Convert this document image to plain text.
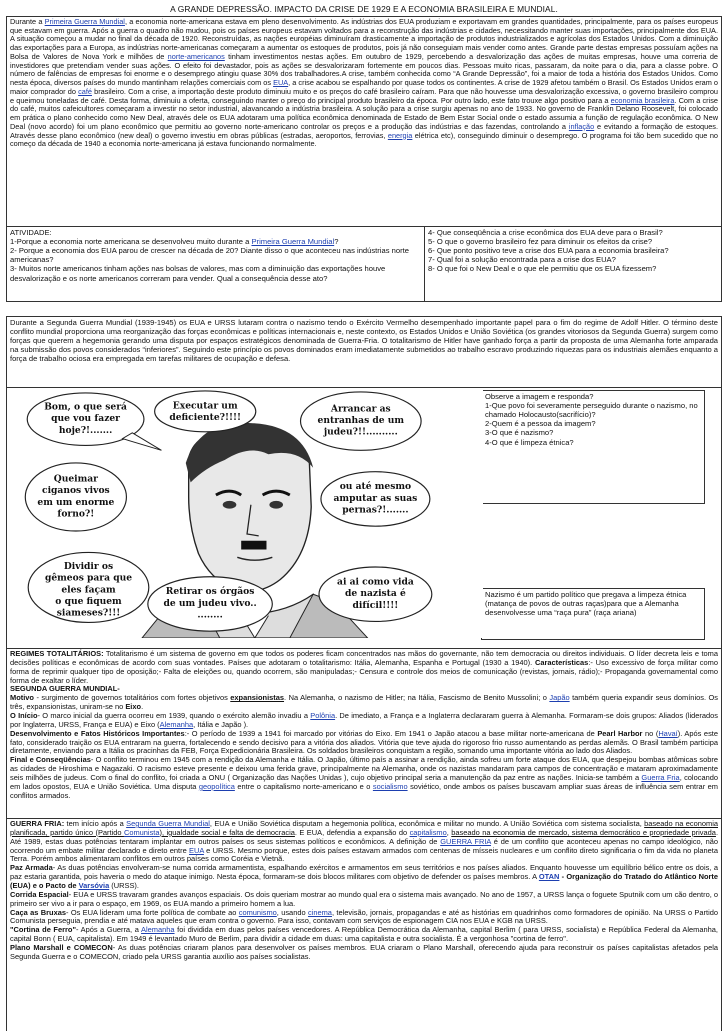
A GRANDE DEPRESSÃO. IMPACTO DA CRISE DE 1929 E A ECONOMIA BRASILEIRA E MUNDIAL.
Durante a Primeira Guerra Mundial, a economia norte-americana estava em pleno desenvolvimento. As indústrias dos EUA produziam e exportavam em grandes quantidades, principalmente, para os países europeus que estavam em guerra. Após a guerra o quadro não mudou, pois os países europeus estavam voltados para a reconstrução das indústrias e cidades, necessitando manter suas importações, principalmente dos EUA. A situação começou a mudar no final da década de 1920. Reconstruídas, as nações européias diminuíram drasticamente a importação de produtos industrializados e agrícolas dos Estados Unidos. Com a diminuição das exportações para a Europa, as indústrias norte-americanas começaram a aumentar os estoques de produtos, pois já não conseguiam mais vender como antes. Grande parte destas empresas possuíam ações na Bolsa de Valores de Nova York e milhões de norte-americanos tinham investimentos nestas ações. Em outubro de 1929, percebendo a desvalorização das ações de muitas empresas, houve uma correria de investidores que pretendiam vender suas ações. O efeito foi devastador, pois as ações se desvalorizaram fortemente em poucos dias. Pessoas muito ricas, passaram, da noite para o dia, para a classe pobre. O número de falências de empresas foi enorme e o desemprego atingiu quase 30% dos trabalhadores.A crise, também conhecida como “A Grande Depressão”, foi a maior de toda a história dos Estados Unidos. Como nesta época, diversos países do mundo mantinham relações comerciais com os EUA, a crise acabou se espalhando por quase todos os continentes. A crise de 1929 afetou também o Brasil. Os Estados Unidos eram o maior comprador do café brasileiro. Com a crise, a importação deste produto diminuiu muito e os preços do café brasileiro caíram. Para que não houvesse uma desvalorização excessiva, o governo brasileiro comprou e queimou toneladas de café. Desta forma, diminuiu a oferta, conseguindo manter o preço do principal produto brasileiro da época. Por outro lado, este fato trouxe algo positivo para a economia brasileira. Com a crise do café, muitos cafeicultores começaram a investir no setor industrial, alavancando a indústria brasileira. A solução para a crise surgiu apenas no ano de 1933. No governo de Franklin Delano Roosevelt, foi colocado em prática o plano conhecido como New Deal, através dele os EUA adotaram uma política econômica denominada de Estado de Bem Estar Social onde o estado assumia a função de regulação econômica. O New Deal (novo acordo) foi um plano econômico que permitiu ao governo norte-americano controlar os preços e a produção das indústrias e das fazendas, controlando a inflação e evitando a formação de estoques. Através desse plano econômico (new deal) o governo investiu em obras públicas (estradas, aeroportos, ferrovias, energia elétrica etc), conseguindo diminuir o desemprego. O programa foi tão bem sucedido que no começo da década de 1940 a economia norte-americana já estava funcionando normalmente.
ATIVIDADE:
1-Porque a economia norte americana se desenvolveu muito durante a Primeira Guerra Mundial?
2- Porque a economia dos EUA parou de crescer na década de 20? Diante disso o que aconteceu nas indústrias norte americanas?
3- Muitos norte americanos tinham ações nas bolsas de valores, mas com a diminuição das exportações houve desvalorização e os norte americanos correram para vender. Qual a consequência desse ato?
4- Que conseqüência a crise econômica dos EUA deve para o Brasil?
5- O que o governo brasileiro fez para diminuir os efeitos da crise?
6- Que ponto positivo teve a crise dos EUA para a economia brasileira?
7- Qual foi a solução encontrada para a crise dos EUA?
8- O que foi o New Deal e o que ele permitiu que os EUA fizessem?
Durante a Segunda Guerra Mundial (1939-1945) os EUA e URSS lutaram contra o nazismo tendo o Exército Vermelho desempenhado importante papel para o fim do regime de Adolf Hitler. O término deste conflito mundial proporciona uma reorganização das forças econômicas e políticas internacionais e, neste contexto, os Estados Unidos e União Soviética (os grandes vitoriosos da Segunda Guerra) surgem como forças que querem a hegemonia gerando uma disputa por espaços estratégicos denominada de Guerra-Fria. O totalitarismo de Hitler have ganhado força a partir da proposta de uma Alemanha forte amparada na submissão dos povos considerados “inferiores”. Seguindo este princípio os povos dominados eram imediatamente submetidos ao trabalho escravo produzindo riquezas para os industriais alemães enquanto a força de trabalho ociosa era empregada em tarefas militares de ocupação e defesa.
Bom, o que será
que vou fazer
hoje?!.......
Executar um
deficiente?!!!!
Arrancar as
entranhas de um
judeu?!!..........
Queimar
ciganos vivos
em um enorme
forno?!
ou até mesmo
amputar as suas
pernas?!.......
Dividir os
gêmeos para que
eles façam
o que fiquem
siameses?!!!
Retirar os órgãos
de um judeu vivo..
........
ai ai como vida
de nazista é
difícil!!!!
Observe a imagem e responda?
1-Que povo foi severamente perseguido durante o nazismo, no chamado Holocausto(sacrifício)?
2-Quem é a pessoa da imagem?
3-O que é nazismo?
4-O que é limpeza étnica?
Nazismo é um partido político que pregava a limpeza étnica (matança de povos de outras raças)para que a Alemanha desenvolvesse uma “raça pura” (raça ariana)
REGIMES TOTALITÁRIOS: Totalitarismo é um sistema de governo em que todos os poderes ficam concentrados nas mãos do governante, não tem democracia ou direitos individuais. O líder decreta leis e toma decisões políticas e econômicas de acordo com suas vontades. Países que adotaram o totalitarismo: Itália, Alemanha, Espanha e Portugal (1930 a 1940). Características:- Uso excessivo de força militar como forma de reprimir qualquer tipo de oposição;- Falta de eleições ou, quando ocorrem, são manipuladas;- Censura e controle dos meios de comunicação (revistas, jornais, rádio);- Propaganda governamental como forma de exaltar o líder.
SEGUNDA GUERRA MUNDIAL-
Motivo - surgimento de governos totalitários com fortes objetivos expansionistas. Na Alemanha, o nazismo de Hitler; na Itália, Fascismo de Benito Mussolini; o Japão também queria expandir seus domínios. Os três, expansionistas, uniram-se no Eixo.
O Início- O marco inicial da guerra ocorreu em 1939, quando o exército alemão invadiu a Polônia. De imediato, a França e a Inglaterra declararam guerra à Alemanha. Formaram-se dois grupos: Aliados (liderados por Inglaterra, URSS, França e EUA) e Eixo (Alemanha, Itália e Japão ).
Desenvolvimento e Fatos Históricos Importantes:- O período de 1939 a 1941 foi marcado por vitórias do Eixo. Em 1941 o Japão atacou a base militar norte-americana de Pearl Harbor no (Havaí). Após este fato, considerado traição os EUA entraram na guerra, fortalecendo e sendo decisivo para a vitória dos aliados. Vitória que teve ajuda do rigoroso frio russo aumentando as perdas alemãs. O Brasil também participa diretamente, enviando para a Itália os pracinhas da FEB, Força Expedicionária Brasileira. Os soldados brasileiros conquistam a região, somando uma importante vitória ao lado dos Aliados.
Final e Conseqüências- O conflito terminou em 1945 com a rendição da Alemanha e Itália. O Japão, último país a assinar a rendição, ainda sofreu um forte ataque dos EUA, que despejou bombas atômicas sobre as cidades de Hiroshima e Nagazaki. O racismo esteve presente e deixou uma ferida grave, principalmente na Alemanha, onde os nazistas mandaram para campos de concentração e mataram aproximadamente seis milhões de judeus. Com o final do conflito, foi criada a ONU ( Organização das Nações Unidas ), cujo objetivo principal seria a manutenção da paz entre as nações. Inicia-se também a Guerra Fria, colocando em lados opostos, EUA e União Soviética. Uma disputa geopolítica entre o capitalismo norte-americano e o socialismo soviético, onde ambos os países buscavam ampliar suas áreas de influência sem entrar em conflitos armados.
GUERRA FRIA: tem início após a Segunda Guerra Mundial, EUA e União Soviética disputam a hegemonia política, econômica e militar no mundo. A União Soviética com sistema socialista, baseado na economia planificada, partido único (Partido Comunista), igualdade social e falta de democracia. E EUA, defendia a expansão do capitalismo, baseado na economia de mercado, sistema democrático e propriedade privada. Até 1989, estas duas potências tentaram implantar em outros países os seus sistemas políticos e econômicos. A definição de GUERRA FRIA é de um conflito que aconteceu apenas no campo ideológico, não ocorrendo um embate militar declarado e direto entre EUA e URSS. Mesmo porque, estes dois países estavam armados com centenas de mísseis nucleares e um conflito direto significaria o fim da vida no planeta Terra. Porém ambos alimentaram conflitos em outros países como Coréia e Vietnã.
Paz Armada- As duas potências envolveram-se numa corrida armamentista, espalhando exércitos e armamentos em seus territórios e nos países aliados. Enquanto houvesse um equilíbrio bélico entre os dois, a paz estaria garantida, pois haveria o medo do ataque inimigo. Nesta época, formaram-se dois blocos militares com objetivo de defender os países membros. A OTAN - Organização do Tratado do Atlântico Norte (EUA) e o Pacto de Varsóvia (URSS).
Corrida Espacial- EUA e URSS travaram grandes avanços espaciais. Os dois queriam mostrar ao mundo qual era o sistema mais avançado. No ano de 1957, a URSS lança o foguete Sputnik com um cão dentro, o primeiro ser vivo a ir para o espaço, em 1969, os EUA mando a primeiro homem a lua.
Caça as Bruxas- Os EUA lideram uma forte política de combate ao comunismo, usando cinema, televisão, jornais, propagandas e até as histórias em quadrinhos como formadores de opinião. Na URSS o Partido Comunista perseguia, prendia e até matava aqueles que eram contra o governo. Para isso, contavam com serviços de espionagem CIA nos EUA e KGB na URSS.
"Cortina de Ferro"- Após a Guerra, a Alemanha foi dividida em duas pelos países vencedores. A República Democrática da Alemanha, capital Berlim ( para URSS, socialista) e República Federal da Alemanha, capital Bonn ( EUA, capitalista). Em 1949 é levantado Muro de Berlim, para dividir a cidade em duas: uma capitalista e outra socialista. É a vergonhosa "cortina de ferro".
Plano Marshall e COMECON- As duas potências criaram planos para desenvolver os países membros. EUA criaram o Plano Marshall, oferecendo ajuda para reconstruir os países capitalistas afetados pela Segunda Guerra e o COMECON, criado pela URSS garantia auxílio aos países socialistas.
